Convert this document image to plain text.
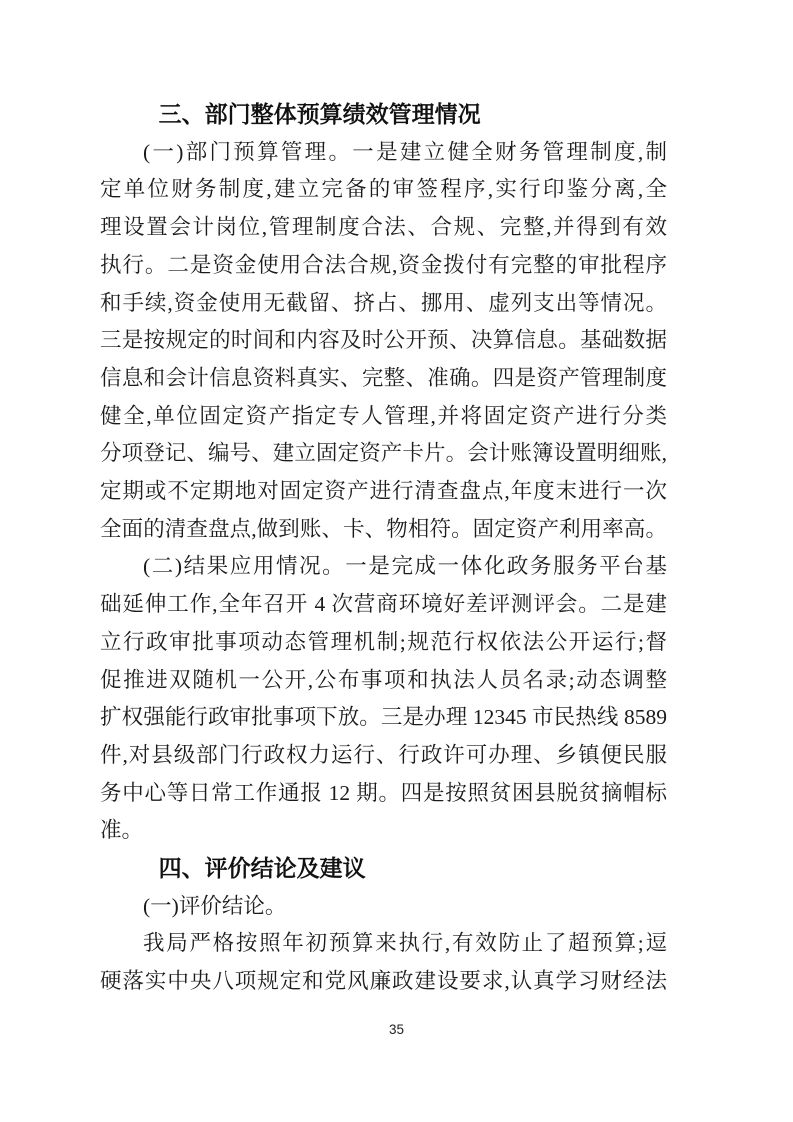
三、部门整体预算绩效管理情况

(一)部门预算管理。一是建立健全财务管理制度,制
定单位财务制度,建立完备的审签程序,实行印鉴分离,全
理设置会计岗位,管理制度合法、合规、完整,并得到有效
执行。二是资金使用合法合规,资金拨付有完整的审批程序
和手续,资金使用无截留、挤占、挪用、虚列支出等情况。
三是按规定的时间和内容及时公开预、决算信息。基础数据
信息和会计信息资料真实、完整、准确。四是资产管理制度
健全,单位固定资产指定专人管理,并将固定资产进行分类
分项登记、编号、建立固定资产卡片。会计账簿设置明细账,
定期或不定期地对固定资产进行清查盘点,年度末进行一次
全面的清查盘点,做到账、卡、物相符。固定资产利用率高。

(二)结果应用情况。一是完成一体化政务服务平台基
础延伸工作,全年召开 4 次营商环境好差评测评会。二是建
立行政审批事项动态管理机制;规范行权依法公开运行;督
促推进双随机一公开,公布事项和执法人员名录;动态调整
扩权强能行政审批事项下放。三是办理 12345 市民热线 8589
件,对县级部门行政权力运行、行政许可办理、乡镇便民服
务中心等日常工作通报 12 期。四是按照贫困县脱贫摘帽标
准。

四、评价结论及建议

(一)评价结论。

我局严格按照年初预算来执行,有效防止了超预算;逗
硬落实中央八项规定和党风廉政建设要求,认真学习财经法

35
